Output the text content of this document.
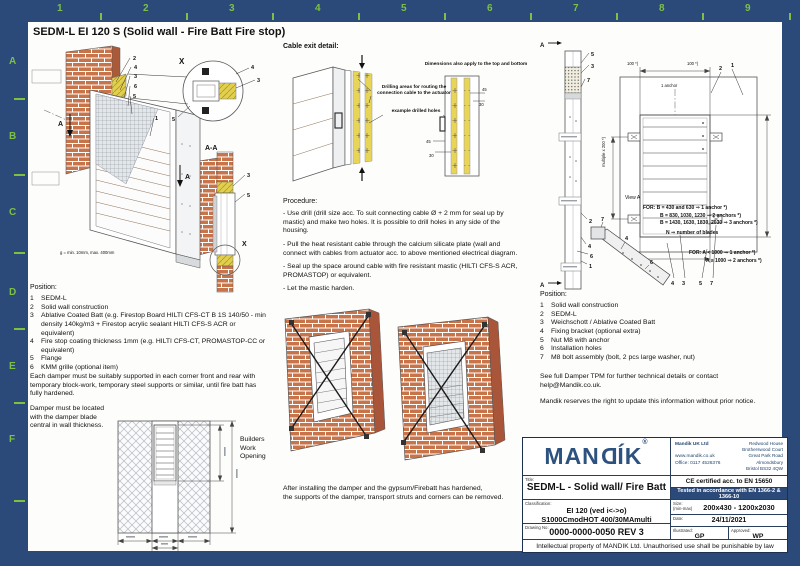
1	2	3	4	5	6	7	8	9
A
B
C
D
E
F
SEDM-L EI 120 S (Solid wall - Fire Batt Fire stop)
2
4
3
6
5
1
A
A
X
4
3
5
A-A
3
5
X
g = min. 10mm, max. 400mm
Builders
Work
Opening
Position:
1	SEDM-L
2	Solid wall construction
3	Ablative Coated Batt (e.g. Firestop Board HILTI CFS-CT B 1S 140/50 - min density 140kg/m3 + Firestop acrylic sealant HILTI CFS-S ACR or equivalent)
4	Fire stop coating thickness 1mm (e.g. HILTI CFS-CT, PROMASTOP-CC or equivalent)
5	Flange
6	KMM grille (optional item)
Each damper must be suitably supported in each corner front and rear with temporary block-work, temporary steel supports or similar, until fire batt has fully hardened.
Damper must be located with the damper blade central in wall thickness.
Cable exit detail:
45
30
45
30
Dimensions also apply to the top and bottom
Drilling areas for routing the connection cable to the actuator
example drilled holes
Procedure:
- Use drill (drill size acc. To suit connecting cable Ø + 2 mm for seal up by mastic) and make two holes. It is possible to drill holes in any side of the housing.
- Pull the heat resistant cable through the calcium silicate plate (wall and connect with cables from actuator acc. to above mentioned electrical diagram.
- Seal up the space around cable with fire resistant mastic (HILTI CFS-S ACR, PROMASTOP) or equivalent.
- Let the mastic harden.
After installing the damper and the gypsum/Firebatt has hardened,
the supports of the damper, transport struts and corners can be removed.
A
5
3
7
2
4
6
1
A
100 *)	100 *)
1 anchor
multiple x 200 *)
2 1
4 3	5 7
View A
7
4
6
FOR: B = 430 and 630 ⇒ 1 anchor *)
B = 830, 1030, 1230 ⇒ 2 anchors *)
B = 1430, 1630, 1830, 2030 ⇒ 3 anchors *)
N ⇒ number of blades
FOR: A < 1000 ⇒ 1 anchor *)
A ≥ 1000 ⇒ 2 anchors *)
Position:
1	Solid wall construction
2	SEDM-L
3	Weichschott / Ablative Coated Batt
4	Fixing bracket (optional extra)
5	Nut M8 with anchor
6	Installation holes
7	M8 bolt assembly (bolt, 2 pcs large washer, nut)
See full Damper TPM for further technical details or contact help@Mandik.co.uk.
Mandik reserves the right to update this information without prior notice.
MANDÍK®	Mandik UK Ltd
www.mandik.co.uk
Office: 0117 4526376
Redwood House
Brotherswood Court
Great Park Road
Almondsbury
Bristol BS32 4QW
Title:
SEDM-L - Solid wall/ Fire Batt
Classification:
EI 120 (ved i<->o)
S1000CmodHOT 400/30MAmulti
Drawing No: 0000-0000-0050 REV 3
CE certified acc. to EN 15650
Tested in accordance with EN 1366-2 & 1366-10
Size:
(min-max)	200x430 - 1200x2030
Date:	24/11/2021
Illustrated:
GP
Approved:
WP
Intellectual property of MANDIK Ltd. Unauthorised use shall be punishable by law
